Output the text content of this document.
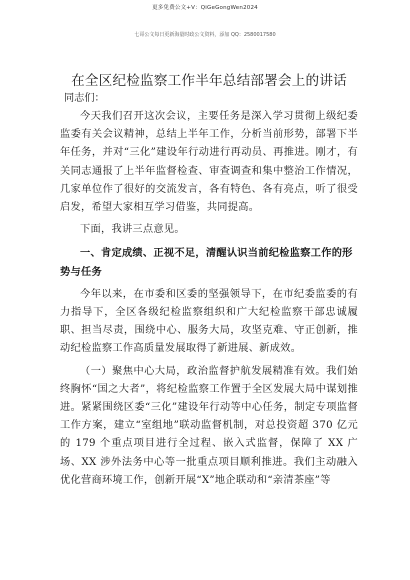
更多免费公文+V：QiGeGongWen2024
七哥公文每日更新海量时政公文资料，添加 QQ：2580017580
在全区纪检监察工作半年总结部署会上的讲话
同志们：

今天我们召开这次会议，主要任务是深入学习贯彻上级纪委监委有关会议精神，总结上半年工作，分析当前形势，部署下半年任务，并对“三化”建设年行动进行再动员、再推进。刚才，有关同志通报了上半年监督检查、审查调查和集中整治工作情况，几家单位作了很好的交流发言，各有特色、各有亮点，听了很受启发，希望大家相互学习借鉴，共同提高。

下面，我讲三点意见。

一、肯定成绩、正视不足，清醒认识当前纪检监察工作的形势与任务

今年以来，在市委和区委的坚强领导下，在市纪委监委的有力指导下，全区各级纪检监察组织和广大纪检监察干部忠诚履职、担当尽责，围绕中心、服务大局，攻坚克难、守正创新，推动纪检监察工作高质量发展取得了新进展、新成效。

（一）聚焦中心大局，政治监督护航发展精准有效。我们始终胸怀“国之大者”，将纪检监察工作置于全区发展大局中谋划推进。紧紧围绕区委“三化”建设年行动等中心任务，制定专项监督工作方案，建立“室组地”联动监督机制，对总投资超 370 亿元的 179 个重点项目进行全过程、嵌入式监督，保障了 XX 广场、XX 涉外法务中心等一批重点项目顺利推进。我们主动融入优化营商环境工作，创新开展“X”地企联动和“亲清茶座”等
